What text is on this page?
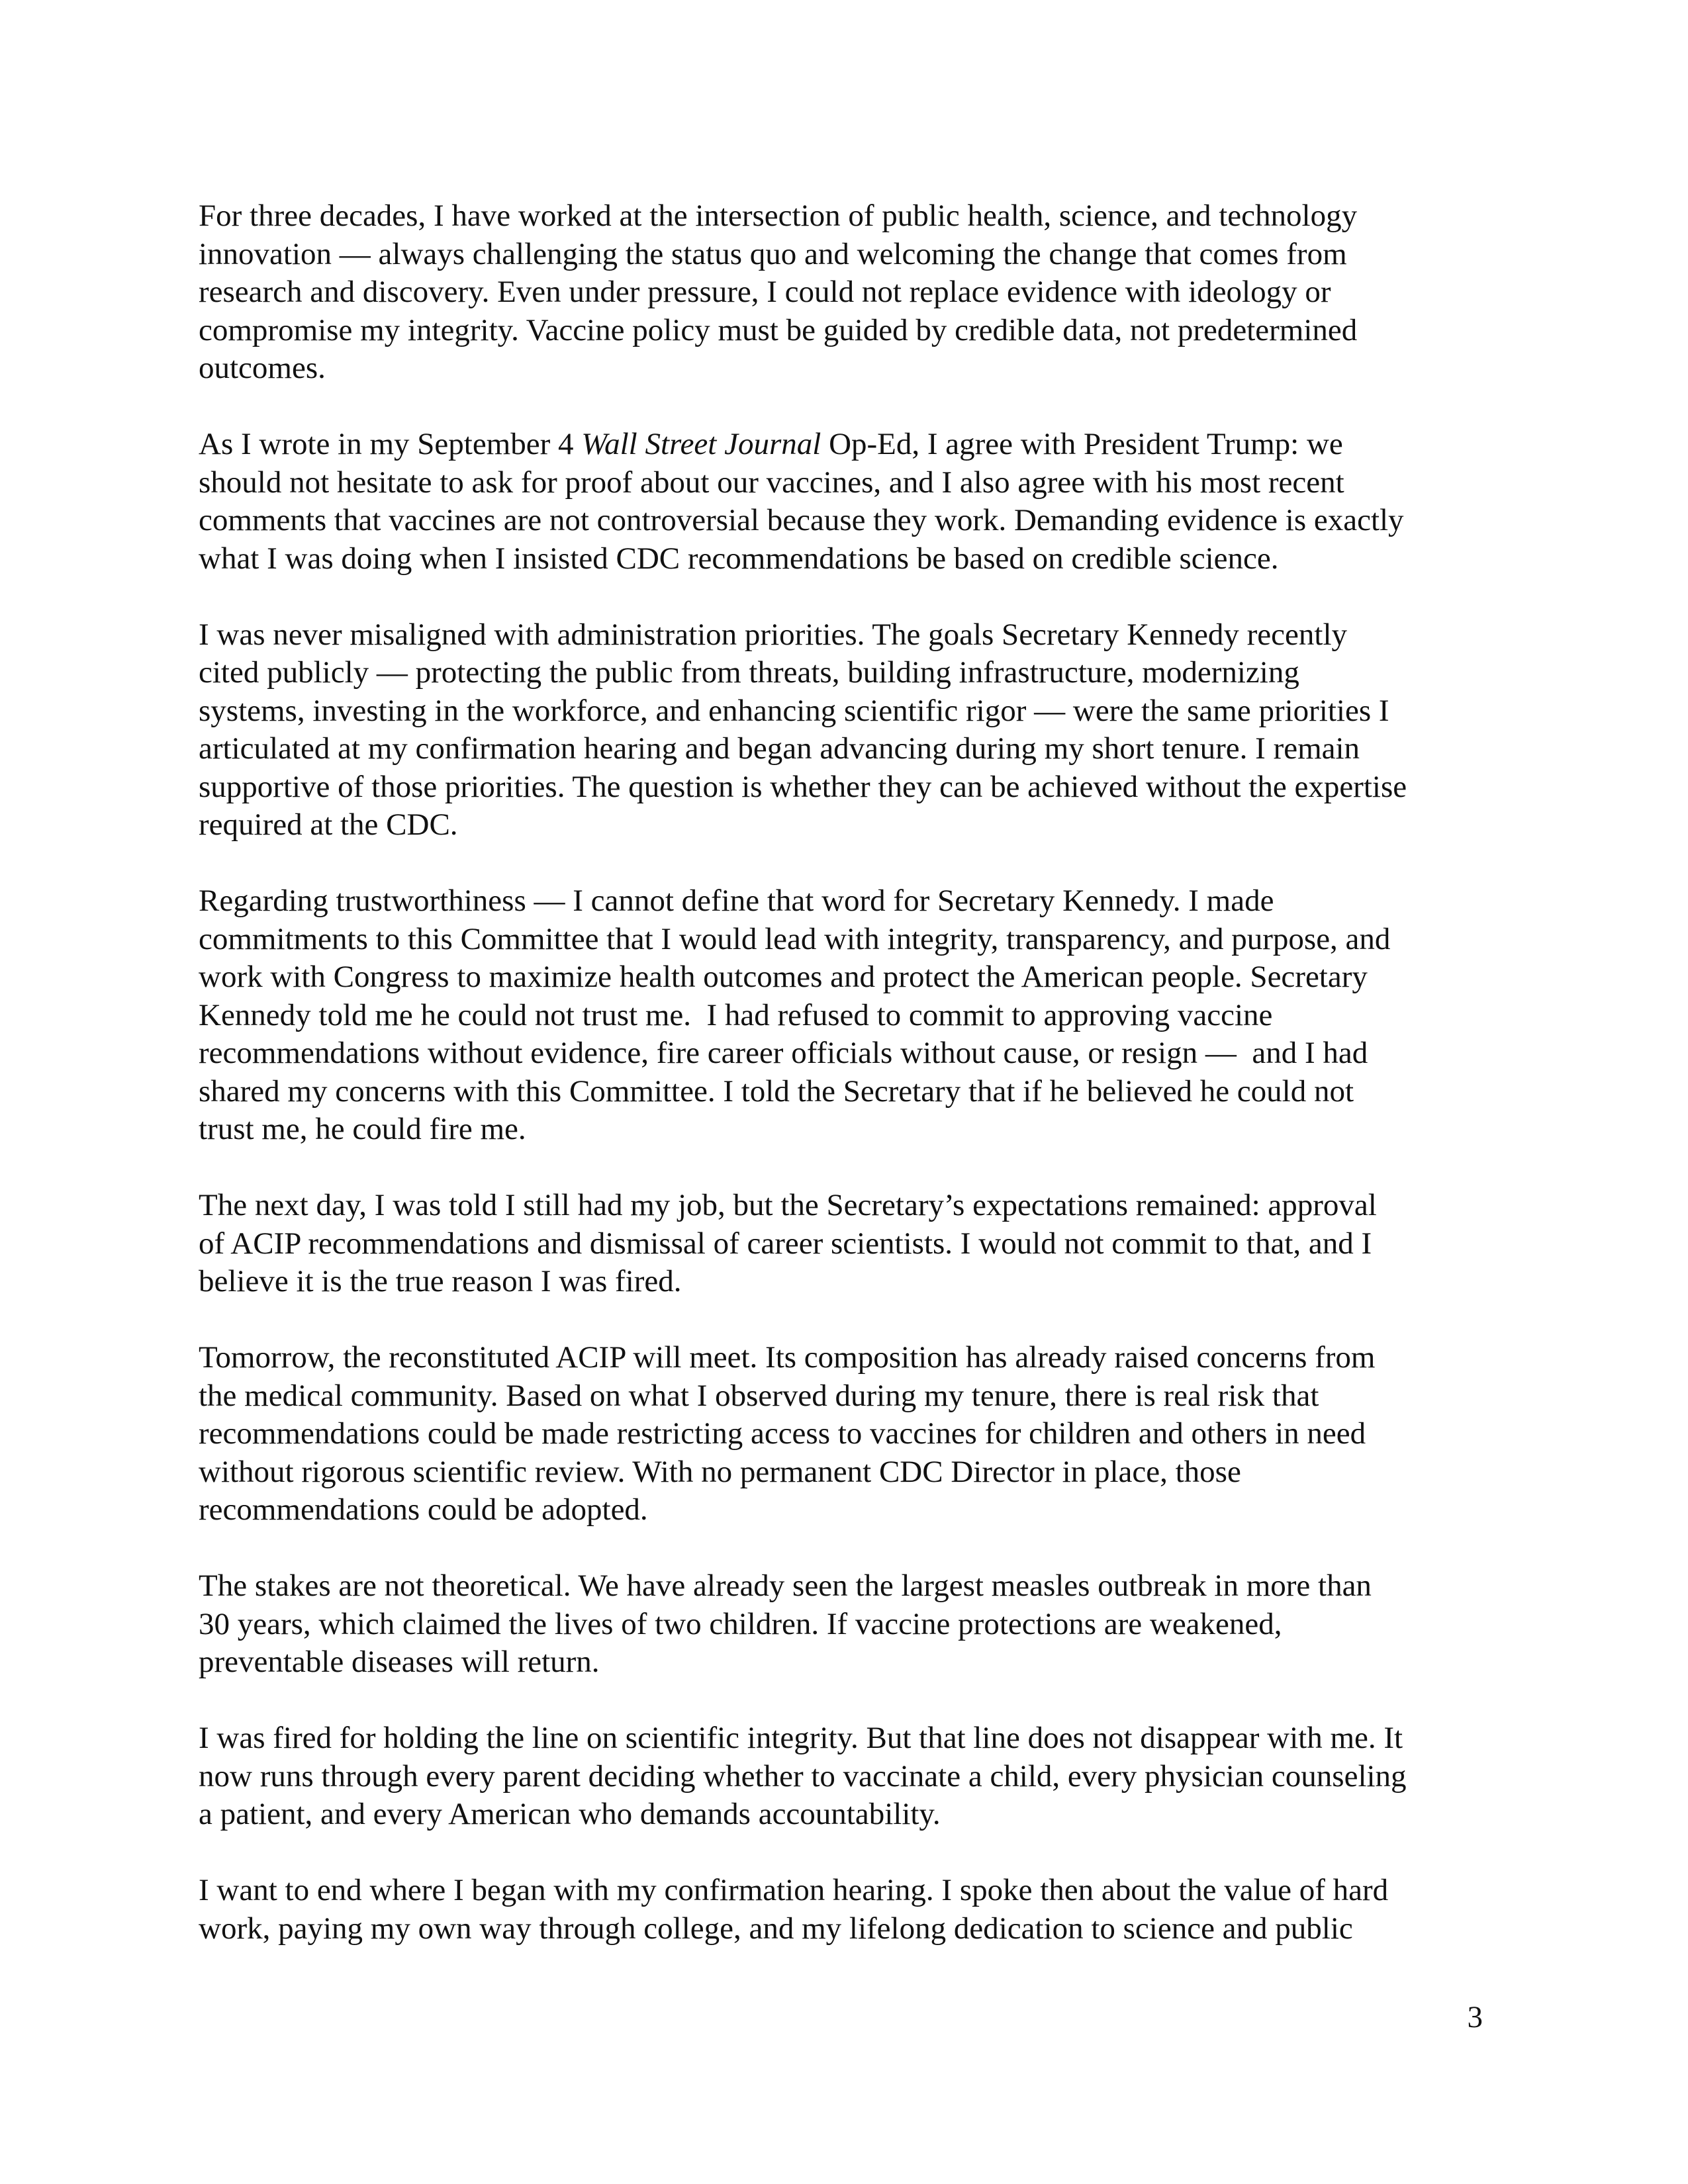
For three decades, I have worked at the intersection of public health, science, and technology
innovation — always challenging the status quo and welcoming the change that comes from
research and discovery. Even under pressure, I could not replace evidence with ideology or
compromise my integrity. Vaccine policy must be guided by credible data, not predetermined
outcomes.

As I wrote in my September 4 Wall Street Journal Op-Ed, I agree with President Trump: we
should not hesitate to ask for proof about our vaccines, and I also agree with his most recent
comments that vaccines are not controversial because they work. Demanding evidence is exactly
what I was doing when I insisted CDC recommendations be based on credible science.

I was never misaligned with administration priorities. The goals Secretary Kennedy recently
cited publicly — protecting the public from threats, building infrastructure, modernizing
systems, investing in the workforce, and enhancing scientific rigor — were the same priorities I
articulated at my confirmation hearing and began advancing during my short tenure. I remain
supportive of those priorities. The question is whether they can be achieved without the expertise
required at the CDC.

Regarding trustworthiness — I cannot define that word for Secretary Kennedy. I made
commitments to this Committee that I would lead with integrity, transparency, and purpose, and
work with Congress to maximize health outcomes and protect the American people. Secretary
Kennedy told me he could not trust me.  I had refused to commit to approving vaccine
recommendations without evidence, fire career officials without cause, or resign —  and I had
shared my concerns with this Committee. I told the Secretary that if he believed he could not
trust me, he could fire me.

The next day, I was told I still had my job, but the Secretary’s expectations remained: approval
of ACIP recommendations and dismissal of career scientists. I would not commit to that, and I
believe it is the true reason I was fired.

Tomorrow, the reconstituted ACIP will meet. Its composition has already raised concerns from
the medical community. Based on what I observed during my tenure, there is real risk that
recommendations could be made restricting access to vaccines for children and others in need
without rigorous scientific review. With no permanent CDC Director in place, those
recommendations could be adopted.

The stakes are not theoretical. We have already seen the largest measles outbreak in more than
30 years, which claimed the lives of two children. If vaccine protections are weakened,
preventable diseases will return.

I was fired for holding the line on scientific integrity. But that line does not disappear with me. It
now runs through every parent deciding whether to vaccinate a child, every physician counseling
a patient, and every American who demands accountability.

I want to end where I began with my confirmation hearing. I spoke then about the value of hard
work, paying my own way through college, and my lifelong dedication to science and public

3
